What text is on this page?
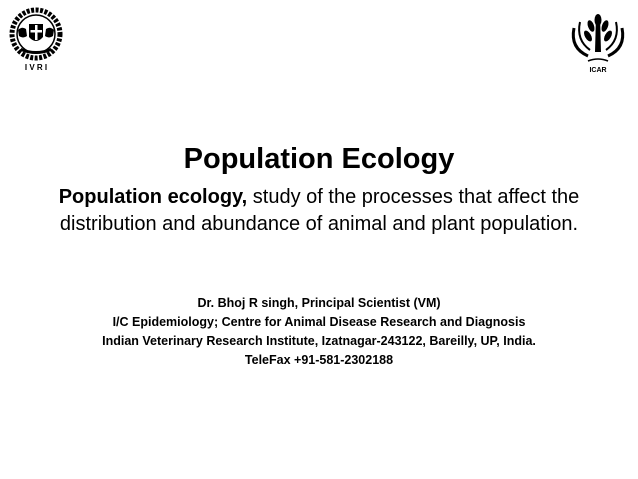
I V R I	ICAR
Population Ecology
Population ecology, study of the processes that affect the distribution and abundance of animal and plant population.
Dr. Bhoj R singh, Principal Scientist (VM)
I/C Epidemiology; Centre for Animal Disease Research and Diagnosis
Indian Veterinary Research Institute, Izatnagar-243122, Bareilly, UP, India.
TeleFax +91-581-2302188
